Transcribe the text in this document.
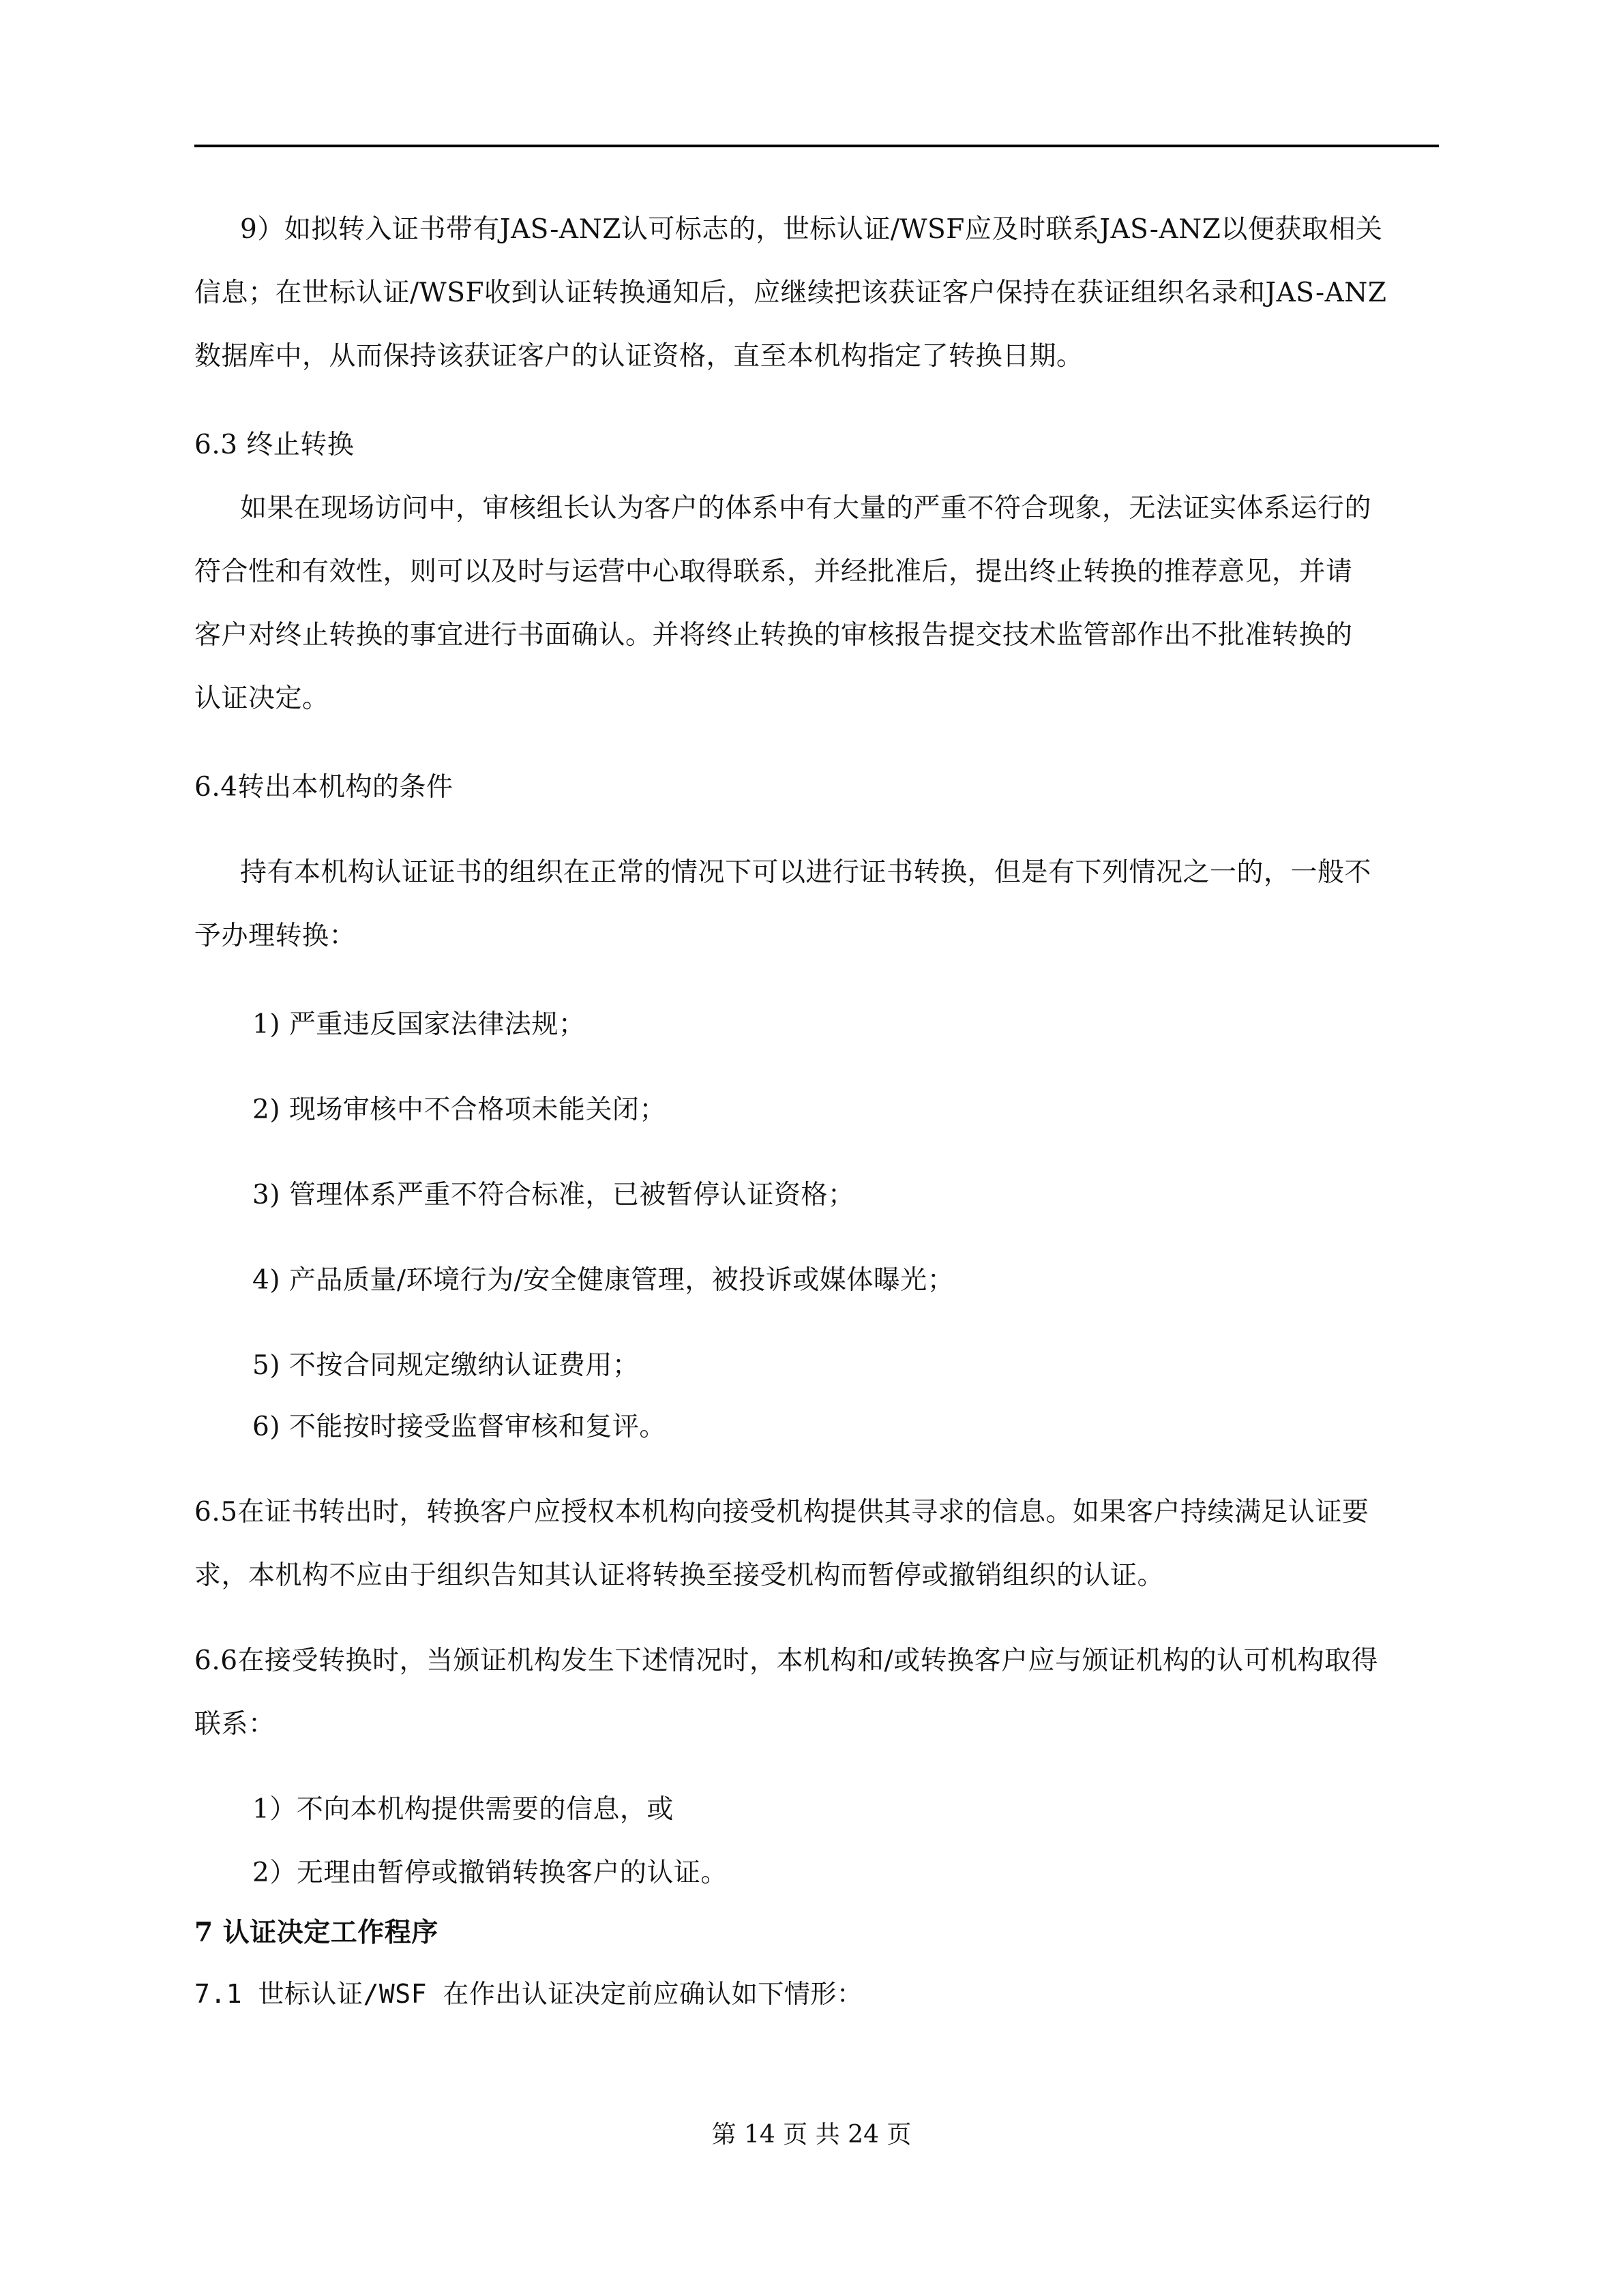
9）如拟转入证书带有JAS-ANZ认可标志的，世标认证/WSF应及时联系JAS-ANZ以便获取相关
信息；在世标认证/WSF收到认证转换通知后，应继续把该获证客户保持在获证组织名录和JAS-ANZ
数据库中，从而保持该获证客户的认证资格，直至本机构指定了转换日期。
6.3 终止转换
如果在现场访问中，审核组长认为客户的体系中有大量的严重不符合现象，无法证实体系运行的
符合性和有效性，则可以及时与运营中心取得联系，并经批准后，提出终止转换的推荐意见，并请
客户对终止转换的事宜进行书面确认。并将终止转换的审核报告提交技术监管部作出不批准转换的
认证决定。
6.4转出本机构的条件
持有本机构认证证书的组织在正常的情况下可以进行证书转换，但是有下列情况之一的，一般不
予办理转换：
1) 严重违反国家法律法规；
2) 现场审核中不合格项未能关闭；
3) 管理体系严重不符合标准，已被暂停认证资格；
4) 产品质量/环境行为/安全健康管理，被投诉或媒体曝光；
5) 不按合同规定缴纳认证费用；
6) 不能按时接受监督审核和复评。
6.5在证书转出时，转换客户应授权本机构向接受机构提供其寻求的信息。如果客户持续满足认证要
求，本机构不应由于组织告知其认证将转换至接受机构而暂停或撤销组织的认证。
6.6在接受转换时，当颁证机构发生下述情况时，本机构和/或转换客户应与颁证机构的认可机构取得
联系：
1）不向本机构提供需要的信息，或
2）无理由暂停或撤销转换客户的认证。
7 认证决定工作程序
7.1 世标认证/WSF 在作出认证决定前应确认如下情形：
第 14 页 共 24 页
